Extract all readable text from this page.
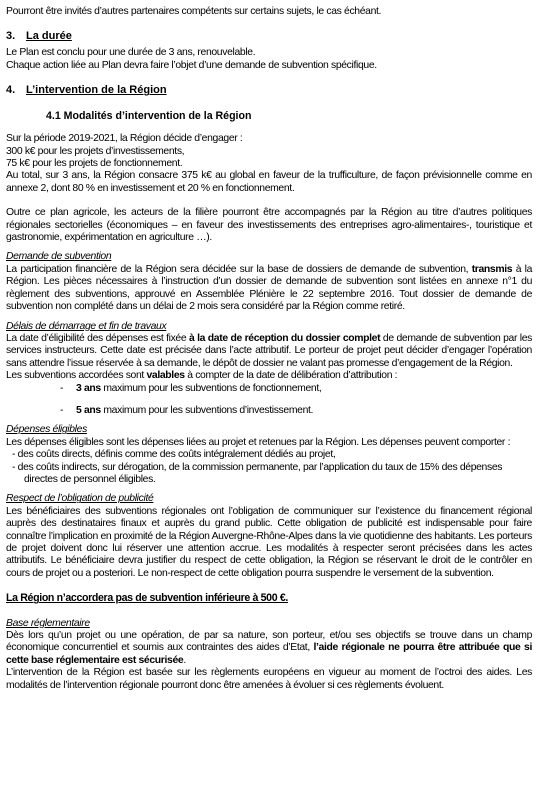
Pourront être invités d’autres partenaires compétents sur certains sujets, le cas échéant.
3. La durée
Le Plan est conclu pour une durée de 3 ans, renouvelable.
Chaque action liée au Plan devra faire l’objet d’une demande de subvention spécifique.
4. L’intervention de la Région
4.1 Modalités d’intervention de la Région
Sur la période 2019-2021, la Région décide d’engager :
300 k€ pour les projets d’investissements,
75 k€ pour les projets de fonctionnement.
Au total, sur 3 ans, la Région consacre 375 k€ au global en faveur de la trufficulture, de façon prévisionnelle comme en annexe 2, dont 80 % en investissement et 20 % en fonctionnement.
Outre ce plan agricole, les acteurs de la filière pourront être accompagnés par la Région au titre d’autres politiques régionales sectorielles (économiques – en faveur des investissements des entreprises agro-alimentaires-, touristique et gastronomie, expérimentation en agriculture …).
Demande de subvention
La participation financière de la Région sera décidée sur la base de dossiers de demande de subvention, transmis à la Région. Les pièces nécessaires à l’instruction d’un dossier de demande de subvention sont listées en annexe n°1 du règlement des subventions, approuvé en Assemblée Plénière le 22 septembre 2016. Tout dossier de demande de subvention non complété dans un délai de 2 mois sera considéré par la Région comme retiré.
Délais de démarrage et fin de travaux
La date d’éligibilité des dépenses est fixée à la date de réception du dossier complet de demande de subvention par les services instructeurs. Cette date est précisée dans l’acte attributif. Le porteur de projet peut décider d’engager l’opération sans attendre l’issue réservée à sa demande, le dépôt de dossier ne valant pas promesse d’engagement de la Région.
Les subventions accordées sont valables à compter de la date de délibération d’attribution :
- 3 ans maximum pour les subventions de fonctionnement,
- 5 ans maximum pour les subventions d’investissement.
Dépenses éligibles
Les dépenses éligibles sont les dépenses liées au projet et retenues par la Région. Les dépenses peuvent comporter :
- des coûts directs, définis comme des coûts intégralement dédiés au projet,
- des coûts indirects, sur dérogation, de la commission permanente, par l’application du taux de 15% des dépenses
directes de personnel éligibles.
Respect de l’obligation de publicité
Les bénéficiaires des subventions régionales ont l’obligation de communiquer sur l’existence du financement régional auprès des destinataires finaux et auprès du grand public. Cette obligation de publicité est indispensable pour faire connaître l’implication en proximité de la Région Auvergne-Rhône-Alpes dans la vie quotidienne des habitants. Les porteurs de projet doivent donc lui réserver une attention accrue. Les modalités à respecter seront précisées dans les actes attributifs. Le bénéficiaire devra justifier du respect de cette obligation, la Région se réservant le droit de le contrôler en cours de projet ou a posteriori. Le non-respect de cette obligation pourra suspendre le versement de la subvention.
La Région n’accordera pas de subvention inférieure à 500 €.
Base réglementaire
Dès lors qu’un projet ou une opération, de par sa nature, son porteur, et/ou ses objectifs se trouve dans un champ économique concurrentiel et soumis aux contraintes des aides d’Etat, l’aide régionale ne pourra être attribuée que si cette base réglementaire est sécurisée.
L’intervention de la Région est basée sur les règlements européens en vigueur au moment de l’octroi des aides. Les modalités de l’intervention régionale pourront donc être amenées à évoluer si ces règlements évoluent.
